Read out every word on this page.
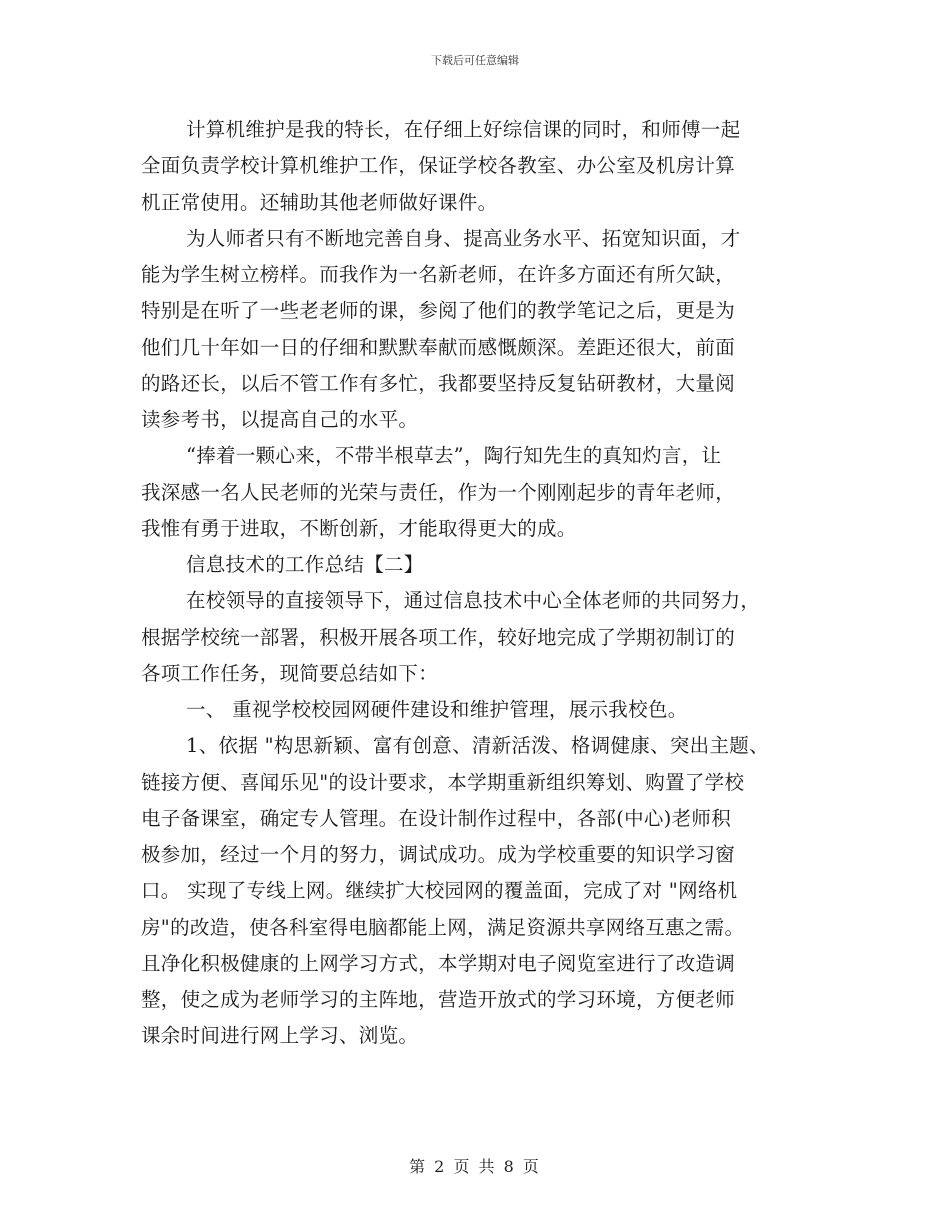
下载后可任意编辑
计算机维护是我的特长，在仔细上好综信课的同时，和师傅一起
全面负责学校计算机维护工作，保证学校各教室、办公室及机房计算
机正常使用。还辅助其他老师做好课件。
为人师者只有不断地完善自身、提高业务水平、拓宽知识面，才
能为学生树立榜样。而我作为一名新老师，在许多方面还有所欠缺，
特别是在听了一些老老师的课，参阅了他们的教学笔记之后，更是为
他们几十年如一日的仔细和默默奉献而感慨颇深。差距还很大，前面
的路还长，以后不管工作有多忙，我都要坚持反复钻研教材，大量阅
读参考书，以提高自己的水平。
“捧着一颗心来，不带半根草去”，陶行知先生的真知灼言，让
我深感一名人民老师的光荣与责任，作为一个刚刚起步的青年老师，
我惟有勇于进取，不断创新，才能取得更大的成。
信息技术的工作总结【二】
在校领导的直接领导下，通过信息技术中心全体老师的共同努力，
根据学校统一部署，积极开展各项工作，较好地完成了学期初制订的
各项工作任务，现简要总结如下：
一、 重视学校校园网硬件建设和维护管理，展示我校色。
1、依据 "构思新颖、富有创意、清新活泼、格调健康、突出主题、
链接方便、喜闻乐见"的设计要求，本学期重新组织筹划、购置了学校
电子备课室，确定专人管理。在设计制作过程中，各部(中心)老师积
极参加，经过一个月的努力，调试成功。成为学校重要的知识学习窗
口。 实现了专线上网。继续扩大校园网的覆盖面，完成了对 "网络机
房"的改造，使各科室得电脑都能上网，满足资源共享网络互惠之需。
且净化积极健康的上网学习方式，本学期对电子阅览室进行了改造调
整，使之成为老师学习的主阵地，营造开放式的学习环境，方便老师
课余时间进行网上学习、浏览。
第 2 页 共 8 页
